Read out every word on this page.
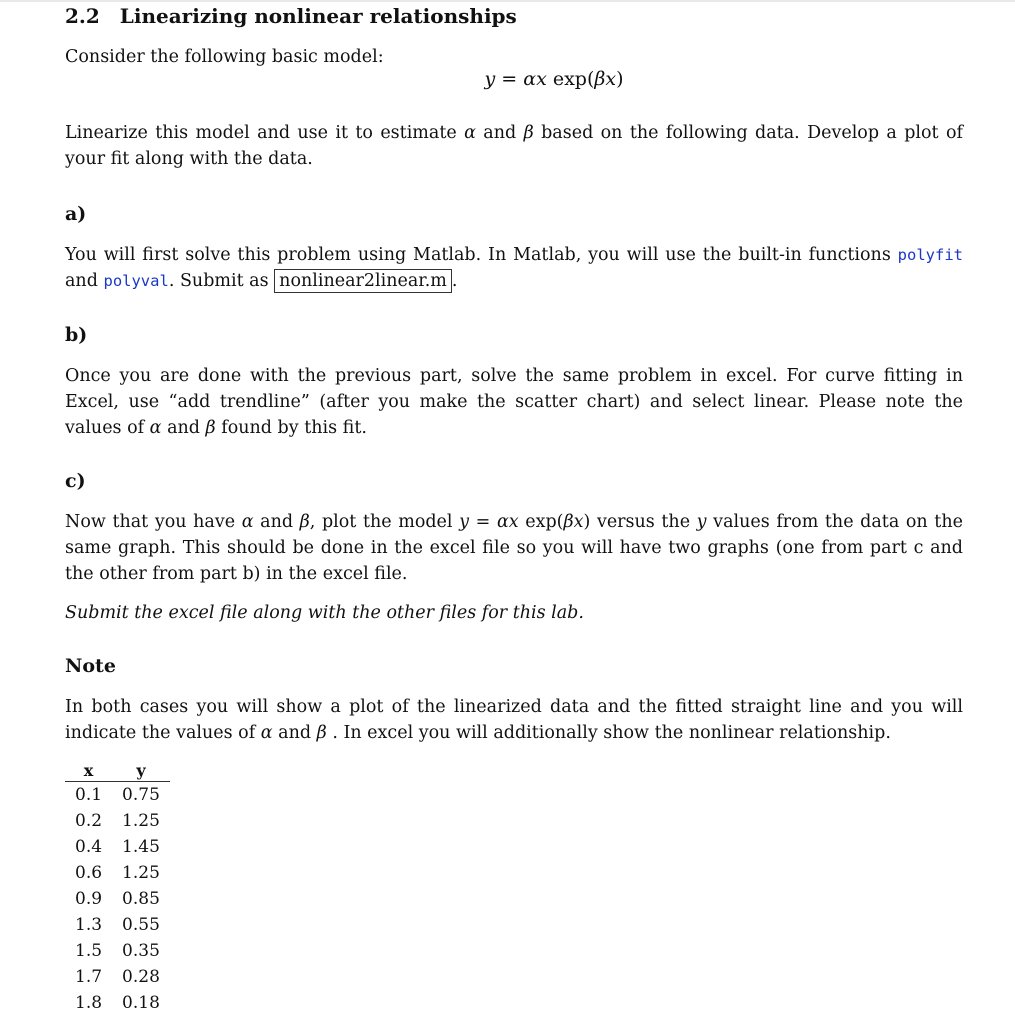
2.2 Linearizing nonlinear relationships
Consider the following basic model:
y = αx exp(βx)
Linearize this model and use it to estimate α and β based on the following data. Develop a plot of your fit along with the data.
a)
You will first solve this problem using Matlab. In Matlab, you will use the built-in functions polyfit and polyval. Submit as nonlinear2linear.m .
b)
Once you are done with the previous part, solve the same problem in excel. For curve fitting in Excel, use “add trendline” (after you make the scatter chart) and select linear. Please note the values of α and β found by this fit.
c)
Now that you have α and β, plot the model y = αx exp(βx) versus the y values from the data on the same graph. This should be done in the excel file so you will have two graphs (one from part c and the other from part b) in the excel file.
Submit the excel file along with the other files for this lab.
Note
In both cases you will show a plot of the linearized data and the fitted straight line and you will indicate the values of α and β . In excel you will additionally show the nonlinear relationship.
x	y
0.1	0.75
0.2	1.25
0.4	1.45
0.6	1.25
0.9	0.85
1.3	0.55
1.5	0.35
1.7	0.28
1.8	0.18
